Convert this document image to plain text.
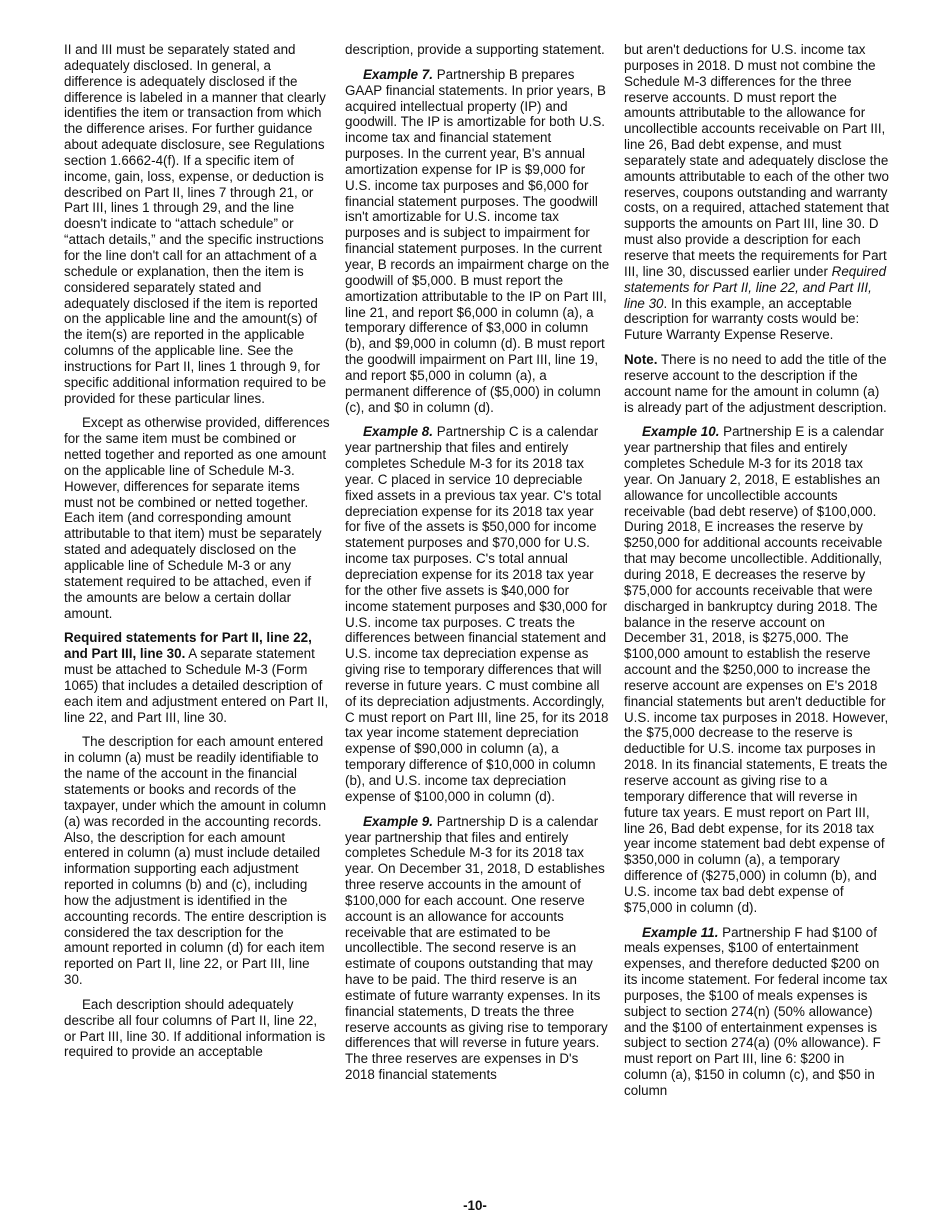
II and III must be separately stated and adequately disclosed. In general, a difference is adequately disclosed if the difference is labeled in a manner that clearly identifies the item or transaction from which the difference arises. For further guidance about adequate disclosure, see Regulations section 1.6662-4(f). If a specific item of income, gain, loss, expense, or deduction is described on Part II, lines 7 through 21, or Part III, lines 1 through 29, and the line doesn't indicate to “attach schedule” or “attach details,” and the specific instructions for the line don't call for an attachment of a schedule or explanation, then the item is considered separately stated and adequately disclosed if the item is reported on the applicable line and the amount(s) of the item(s) are reported in the applicable columns of the applicable line. See the instructions for Part II, lines 1 through 9, for specific additional information required to be provided for these particular lines.

Except as otherwise provided, differences for the same item must be combined or netted together and reported as one amount on the applicable line of Schedule M-3. However, differences for separate items must not be combined or netted together. Each item (and corresponding amount attributable to that item) must be separately stated and adequately disclosed on the applicable line of Schedule M-3 or any statement required to be attached, even if the amounts are below a certain dollar amount.

Required statements for Part II, line 22, and Part III, line 30. A separate statement must be attached to Schedule M-3 (Form 1065) that includes a detailed description of each item and adjustment entered on Part II, line 22, and Part III, line 30.

The description for each amount entered in column (a) must be readily identifiable to the name of the account in the financial statements or books and records of the taxpayer, under which the amount in column (a) was recorded in the accounting records. Also, the description for each amount entered in column (a) must include detailed information supporting each adjustment reported in columns (b) and (c), including how the adjustment is identified in the accounting records. The entire description is considered the tax description for the amount reported in column (d) for each item reported on Part II, line 22, or Part III, line 30.

Each description should adequately describe all four columns of Part II, line 22, or Part III, line 30. If additional information is required to provide an acceptable

description, provide a supporting statement.

Example 7. Partnership B prepares GAAP financial statements. In prior years, B acquired intellectual property (IP) and goodwill. The IP is amortizable for both U.S. income tax and financial statement purposes. In the current year, B's annual amortization expense for IP is $9,000 for U.S. income tax purposes and $6,000 for financial statement purposes. The goodwill isn't amortizable for U.S. income tax purposes and is subject to impairment for financial statement purposes. In the current year, B records an impairment charge on the goodwill of $5,000. B must report the amortization attributable to the IP on Part III, line 21, and report $6,000 in column (a), a temporary difference of $3,000 in column (b), and $9,000 in column (d). B must report the goodwill impairment on Part III, line 19, and report $5,000 in column (a), a permanent difference of ($5,000) in column (c), and $0 in column (d).

Example 8. Partnership C is a calendar year partnership that files and entirely completes Schedule M-3 for its 2018 tax year. C placed in service 10 depreciable fixed assets in a previous tax year. C's total depreciation expense for its 2018 tax year for five of the assets is $50,000 for income statement purposes and $70,000 for U.S. income tax purposes. C's total annual depreciation expense for its 2018 tax year for the other five assets is $40,000 for income statement purposes and $30,000 for U.S. income tax purposes. C treats the differences between financial statement and U.S. income tax depreciation expense as giving rise to temporary differences that will reverse in future years. C must combine all of its depreciation adjustments. Accordingly, C must report on Part III, line 25, for its 2018 tax year income statement depreciation expense of $90,000 in column (a), a temporary difference of $10,000 in column (b), and U.S. income tax depreciation expense of $100,000 in column (d).

Example 9. Partnership D is a calendar year partnership that files and entirely completes Schedule M-3 for its 2018 tax year. On December 31, 2018, D establishes three reserve accounts in the amount of $100,000 for each account. One reserve account is an allowance for accounts receivable that are estimated to be uncollectible. The second reserve is an estimate of coupons outstanding that may have to be paid. The third reserve is an estimate of future warranty expenses. In its financial statements, D treats the three reserve accounts as giving rise to temporary differences that will reverse in future years. The three reserves are expenses in D's 2018 financial statements

but aren't deductions for U.S. income tax purposes in 2018. D must not combine the Schedule M-3 differences for the three reserve accounts. D must report the amounts attributable to the allowance for uncollectible accounts receivable on Part III, line 26, Bad debt expense, and must separately state and adequately disclose the amounts attributable to each of the other two reserves, coupons outstanding and warranty costs, on a required, attached statement that supports the amounts on Part III, line 30. D must also provide a description for each reserve that meets the requirements for Part III, line 30, discussed earlier under Required statements for Part II, line 22, and Part III, line 30. In this example, an acceptable description for warranty costs would be: Future Warranty Expense Reserve.

Note. There is no need to add the title of the reserve account to the description if the account name for the amount in column (a) is already part of the adjustment description.

Example 10. Partnership E is a calendar year partnership that files and entirely completes Schedule M-3 for its 2018 tax year. On January 2, 2018, E establishes an allowance for uncollectible accounts receivable (bad debt reserve) of $100,000. During 2018, E increases the reserve by $250,000 for additional accounts receivable that may become uncollectible. Additionally, during 2018, E decreases the reserve by $75,000 for accounts receivable that were discharged in bankruptcy during 2018. The balance in the reserve account on December 31, 2018, is $275,000. The $100,000 amount to establish the reserve account and the $250,000 to increase the reserve account are expenses on E's 2018 financial statements but aren't deductible for U.S. income tax purposes in 2018. However, the $75,000 decrease to the reserve is deductible for U.S. income tax purposes in 2018. In its financial statements, E treats the reserve account as giving rise to a temporary difference that will reverse in future tax years. E must report on Part III, line 26, Bad debt expense, for its 2018 tax year income statement bad debt expense of $350,000 in column (a), a temporary difference of ($275,000) in column (b), and U.S. income tax bad debt expense of $75,000 in column (d).

Example 11. Partnership F had $100 of meals expenses, $100 of entertainment expenses, and therefore deducted $200 on its income statement. For federal income tax purposes, the $100 of meals expenses is subject to section 274(n) (50% allowance) and the $100 of entertainment expenses is subject to section 274(a) (0% allowance). F must report on Part III, line 6: $200 in column (a), $150 in column (c), and $50 in column

-10-
